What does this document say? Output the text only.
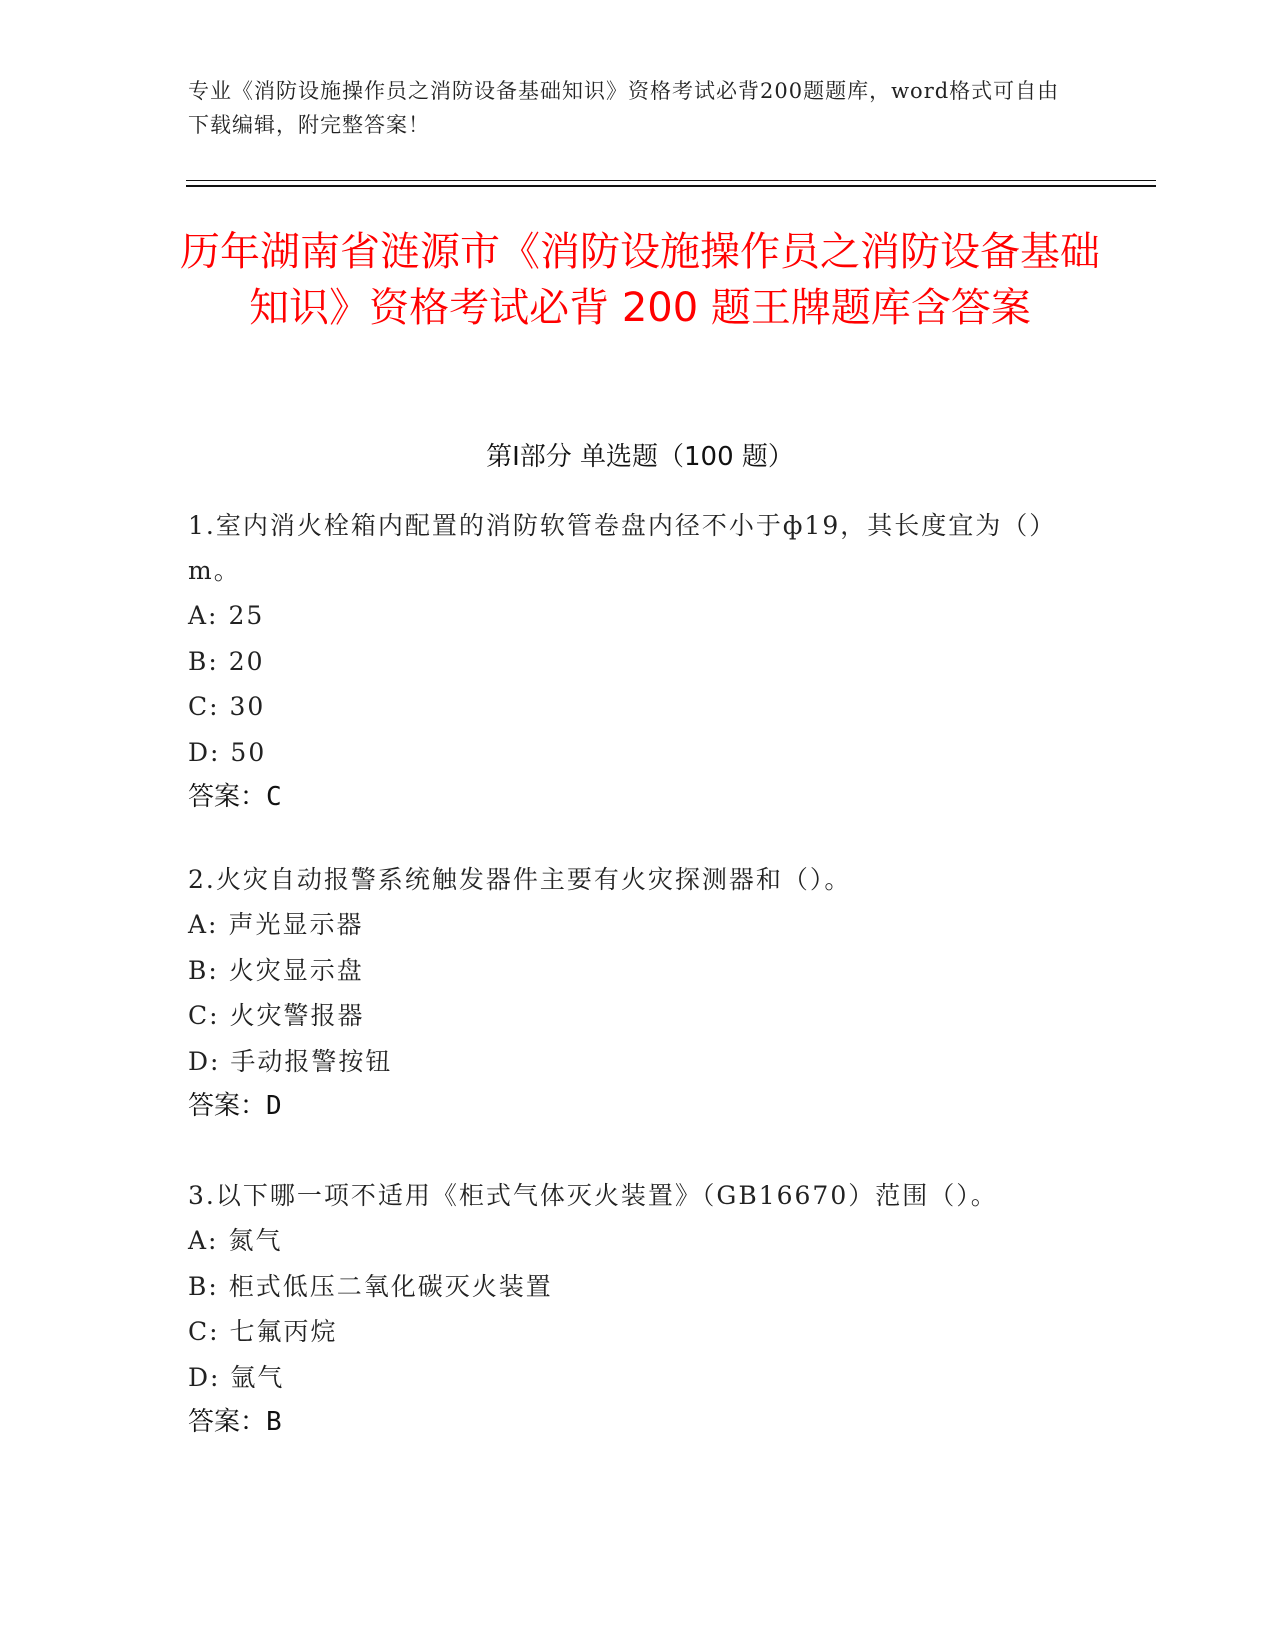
专业《消防设施操作员之消防设备基础知识》资格考试必背200题题库，word格式可自由下载编辑，附完整答案！
历年湖南省涟源市《消防设施操作员之消防设备基础知识》资格考试必背 200 题王牌题库含答案
第Ⅰ部分 单选题（100 题）

1.室内消火栓箱内配置的消防软管卷盘内径不小于ф19，其长度宜为（）m。

A: 25

B: 20

C: 30

D: 50

答案：C

2.火灾自动报警系统触发器件主要有火灾探测器和（）。

A: 声光显示器

B: 火灾显示盘

C: 火灾警报器

D: 手动报警按钮

答案：D

3.以下哪一项不适用《柜式气体灭火装置》（GB16670）范围（）。

A: 氮气

B: 柜式低压二氧化碳灭火装置

C: 七氟丙烷

D: 氩气

答案：B
